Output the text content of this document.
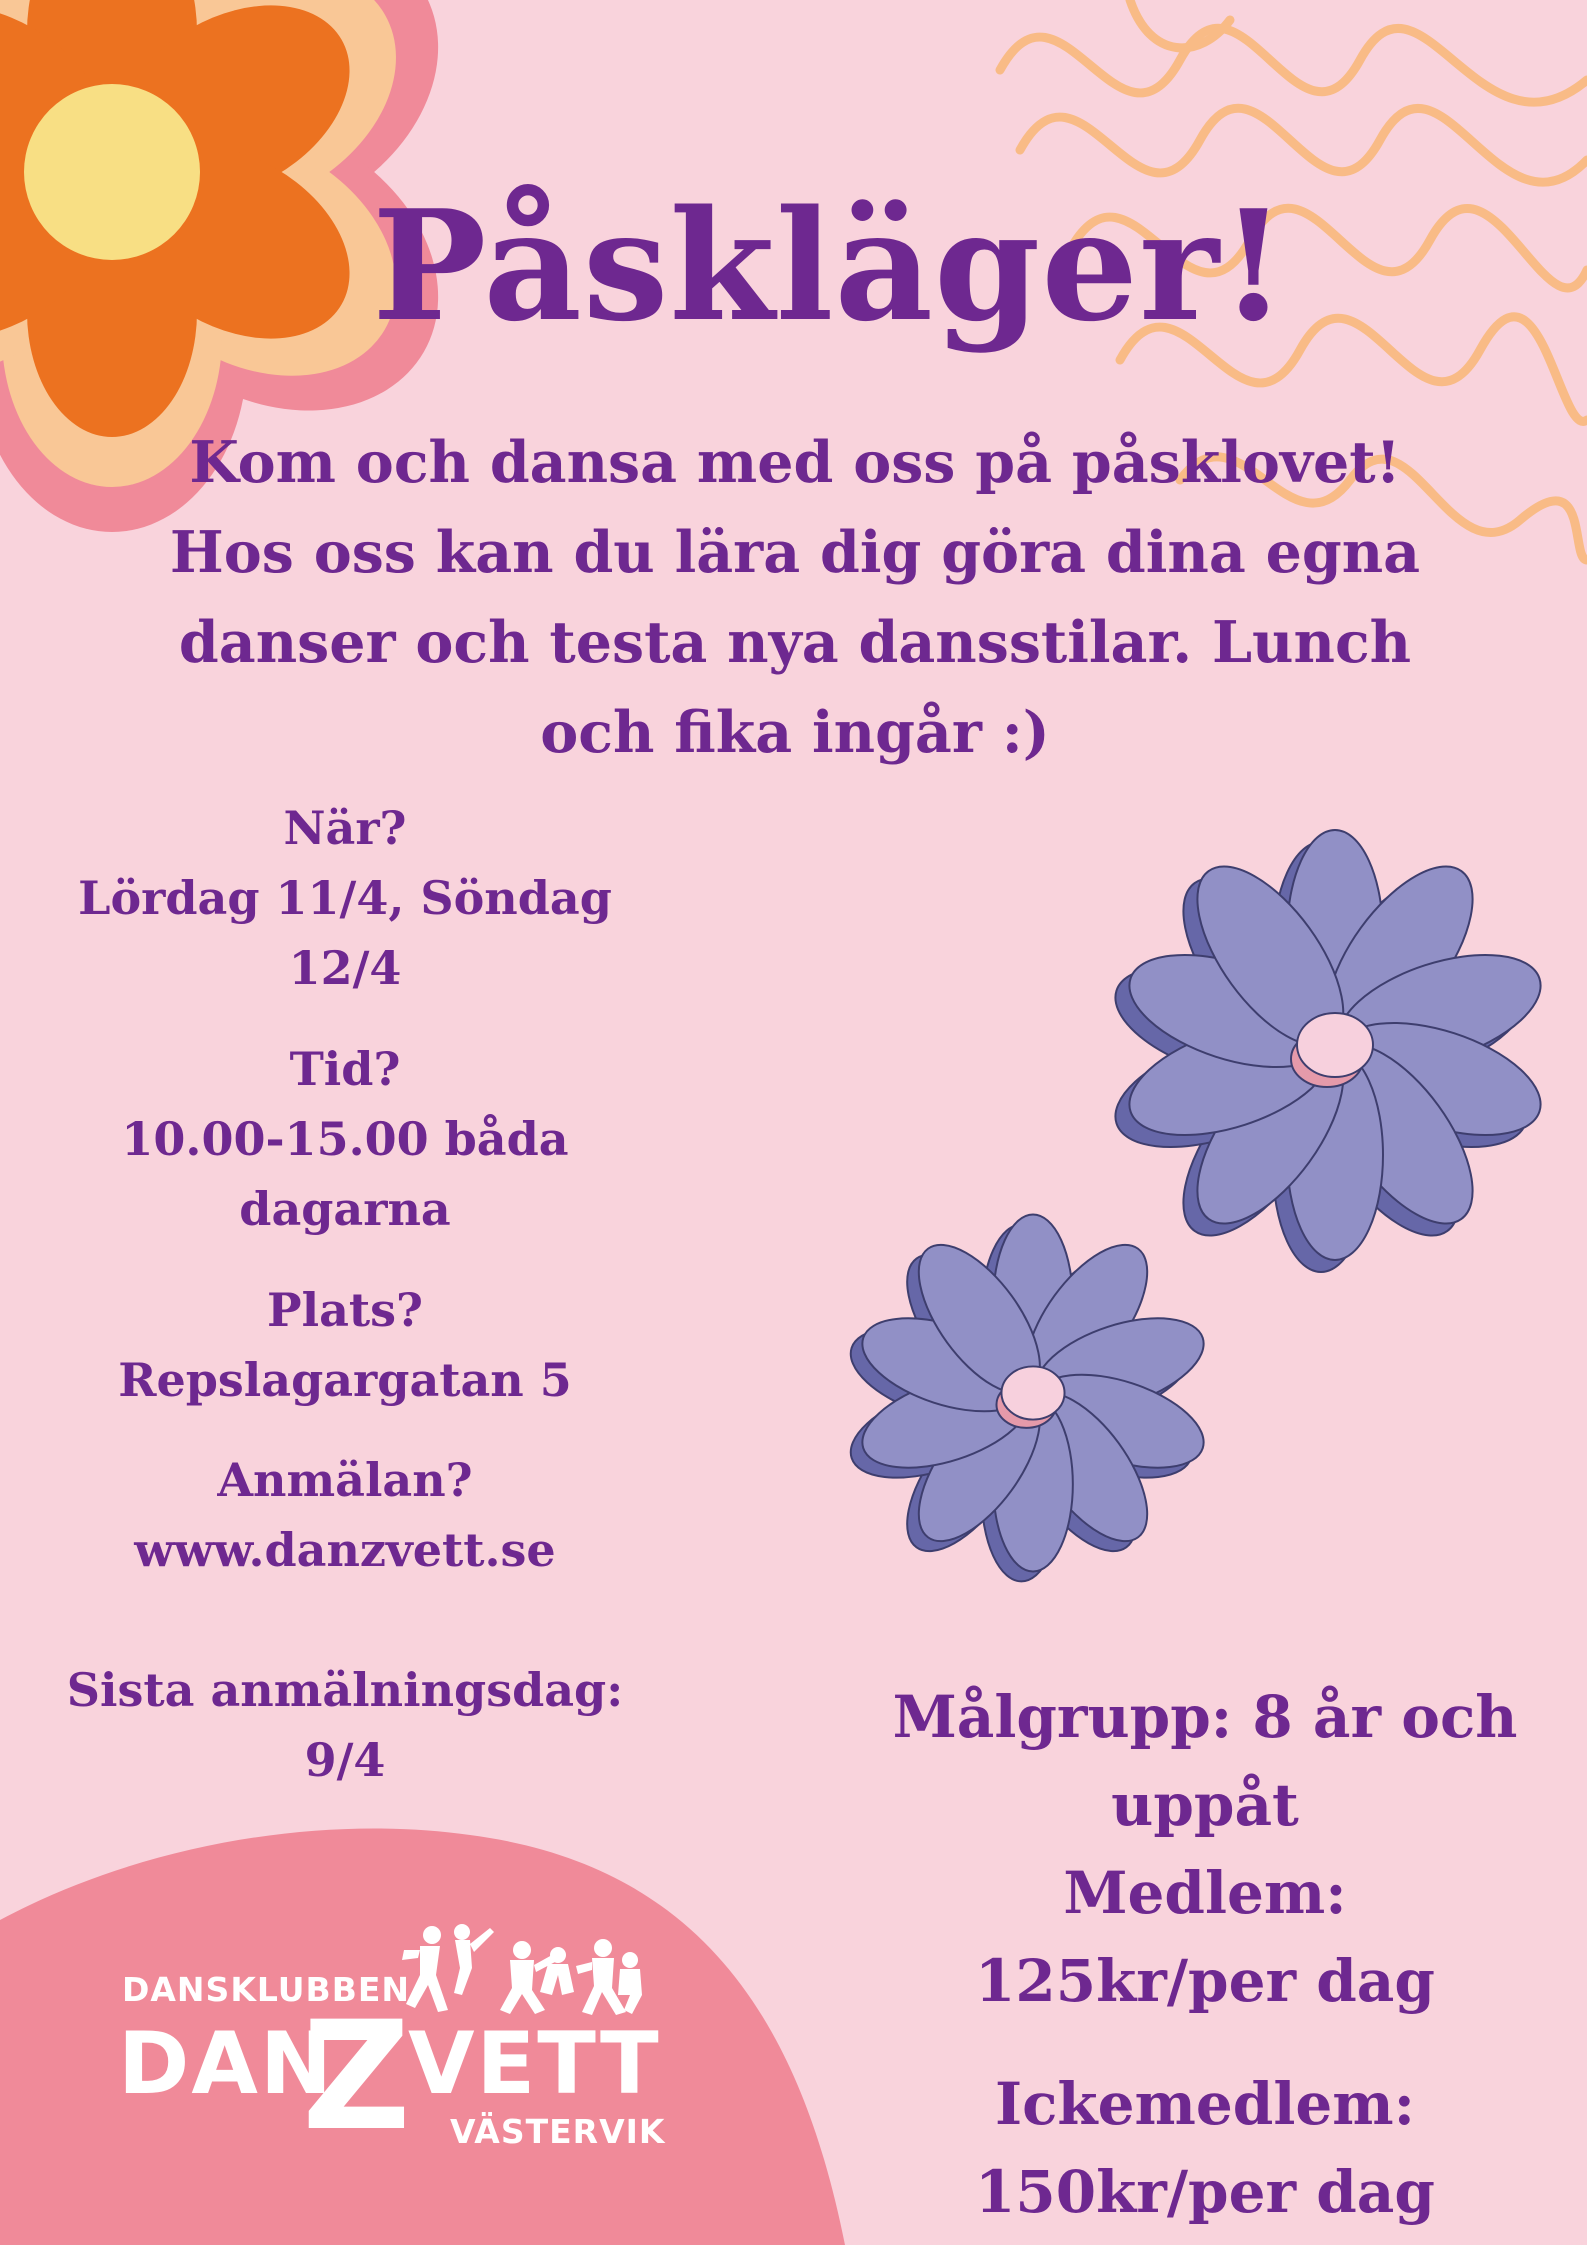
Påskläger!
Kom och dansa med oss på påsklovet!
Hos oss kan du lära dig göra dina egna
danser och testa nya dansstilar. Lunch
och fika ingår :)
När?
Lördag 11/4, Söndag
12/4
Tid?
10.00-15.00 båda
dagarna
Plats?
Repslagargatan 5
Anmälan?
www.danzvett.se
Sista anmälningsdag:
9/4
Målgrupp: 8 år och
uppåt
Medlem:
125kr/per dag
Ickemedlem:
150kr/per dag
DANSKLUBBEN
DAN
Z
VETT
VÄSTERVIK
